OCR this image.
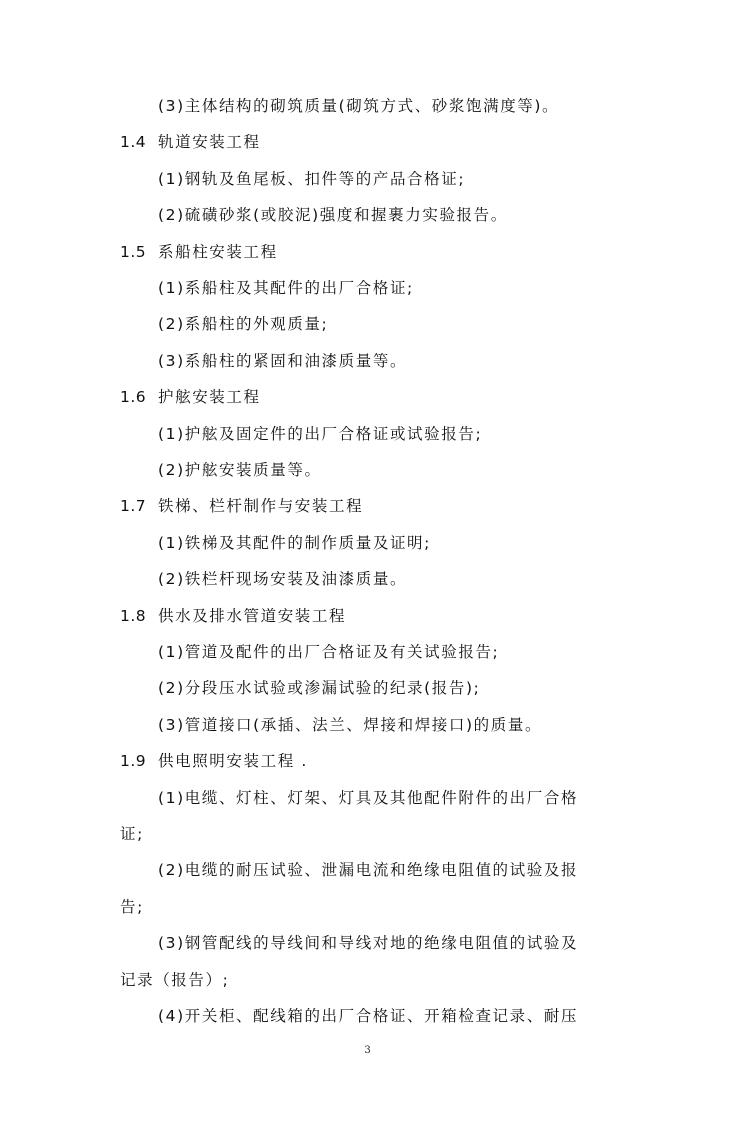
(3)主体结构的砌筑质量(砌筑方式、砂浆饱满度等)。
1.4 轨道安装工程
(1)钢轨及鱼尾板、扣件等的产品合格证;
(2)硫磺砂浆(或胶泥)强度和握裹力实验报告。
1.5 系船柱安装工程
(1)系船柱及其配件的出厂合格证;
(2)系船柱的外观质量;
(3)系船柱的紧固和油漆质量等。
1.6 护舷安装工程
(1)护舷及固定件的出厂合格证或试验报告;
(2)护舷安装质量等。
1.7 铁梯、栏杆制作与安装工程
(1)铁梯及其配件的制作质量及证明;
(2)铁栏杆现场安装及油漆质量。
1.8 供水及排水管道安装工程
(1)管道及配件的出厂合格证及有关试验报告;
(2)分段压水试验或渗漏试验的纪录(报告);
(3)管道接口(承插、法兰、焊接和焊接口)的质量。
1.9 供电照明安装工程 .
(1)电缆、灯柱、灯架、灯具及其他配件附件的出厂合格
证;
(2)电缆的耐压试验、泄漏电流和绝缘电阻值的试验及报
告;
(3)钢管配线的导线间和导线对地的绝缘电阻值的试验及
记录（报告）;
(4)开关柜、配线箱的出厂合格证、开箱检查记录、耐压
3
